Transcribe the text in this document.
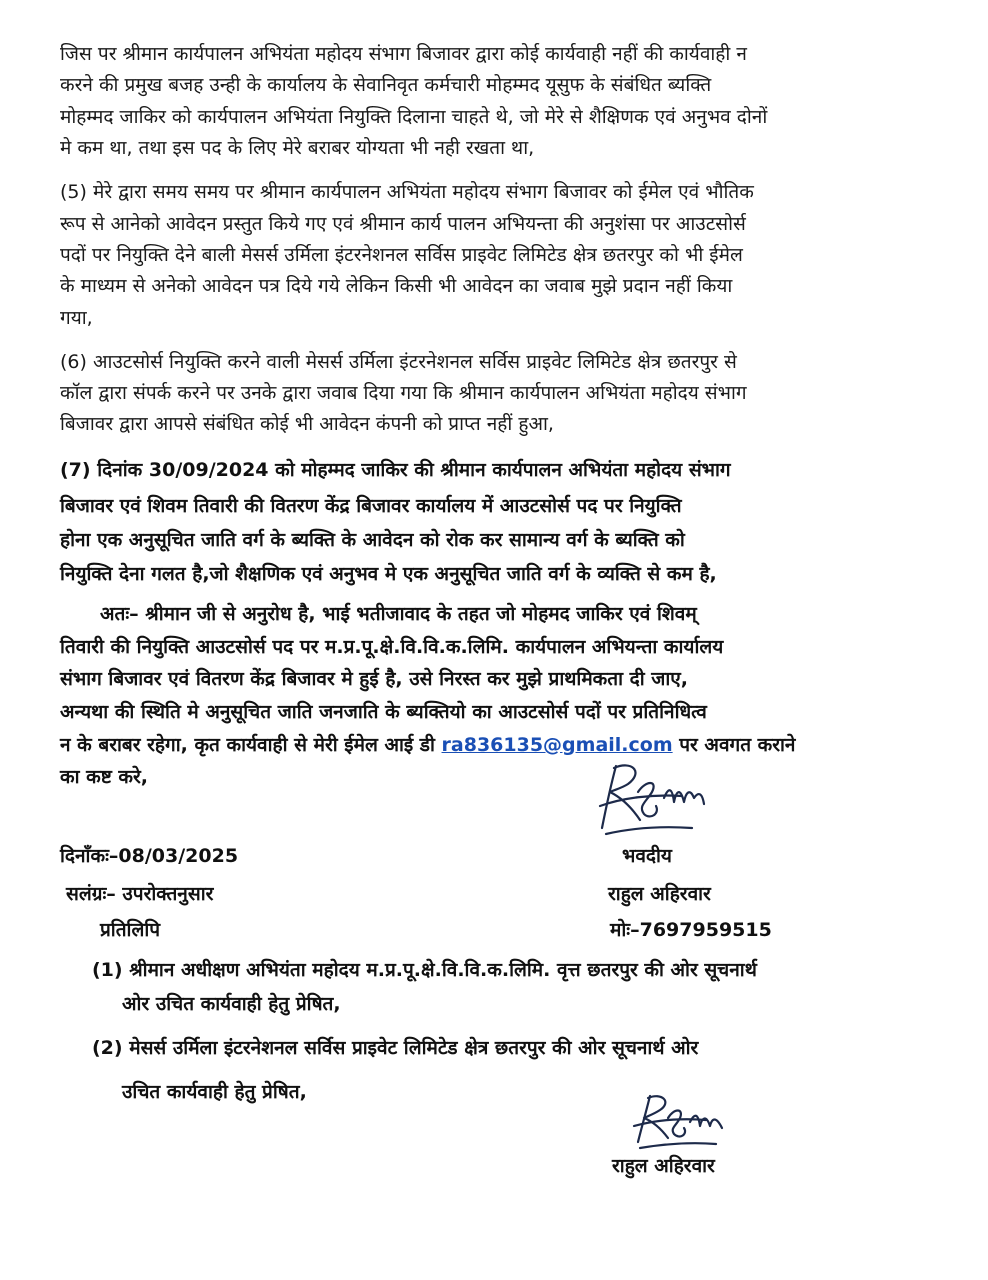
जिस पर श्रीमान कार्यपालन अभियंता महोदय संभाग बिजावर द्वारा कोई कार्यवाही नहीं की कार्यवाही न
करने की प्रमुख बजह उन्ही के कार्यालय के सेवानिवृत कर्मचारी मोहम्मद यूसुफ के संबंधित ब्यक्ति
मोहम्मद जाकिर को कार्यपालन अभियंता नियुक्ति दिलाना चाहते थे, जो मेरे से शैक्षिणक एवं अनुभव दोनों
मे कम था, तथा इस पद के लिए मेरे बराबर योग्यता भी नही रखता था,
(5) मेरे द्वारा समय समय पर श्रीमान कार्यपालन अभियंता महोदय संभाग बिजावर को ईमेल एवं भौतिक
रूप से आनेको आवेदन प्रस्तुत किये गए एवं श्रीमान कार्य पालन अभियन्ता की अनुशंसा पर आउटसोर्स
पदों पर नियुक्ति देने बाली मेसर्स उर्मिला इंटरनेशनल सर्विस प्राइवेट लिमिटेड क्षेत्र छतरपुर को भी ईमेल
के माध्यम से अनेको आवेदन पत्र दिये गये लेकिन किसी भी आवेदन का जवाब मुझे प्रदान नहीं किया
गया,
(6) आउटसोर्स नियुक्ति करने वाली मेसर्स उर्मिला इंटरनेशनल सर्विस प्राइवेट लिमिटेड क्षेत्र छतरपुर से
कॉल द्वारा संपर्क करने पर उनके द्वारा जवाब दिया गया कि श्रीमान कार्यपालन अभियंता महोदय संभाग
बिजावर द्वारा आपसे संबंधित कोई भी आवेदन कंपनी को प्राप्त नहीं हुआ,
(7) दिनांक 30/09/2024 को मोहम्मद जाकिर की श्रीमान कार्यपालन अभियंता महोदय संभाग
बिजावर एवं शिवम तिवारी की वितरण केंद्र बिजावर कार्यालय में आउटसोर्स पद पर नियुक्ति
होना एक अनुसूचित जाति वर्ग के ब्यक्ति के आवेदन को रोक कर सामान्य वर्ग के ब्यक्ति को
नियुक्ति देना गलत है,जो शैक्षणिक एवं अनुभव मे एक अनुसूचित जाति वर्ग के व्यक्ति से कम है,
अतः– श्रीमान जी से अनुरोध है, भाई भतीजावाद के तहत जो मोहमद जाकिर एवं शिवम्
तिवारी की नियुक्ति आउटसोर्स पद पर म.प्र.पू.क्षे.वि.वि.क.लिमि. कार्यपालन अभियन्ता कार्यालय
संभाग बिजावर एवं वितरण केंद्र बिजावर मे हुई है, उसे निरस्त कर मुझे प्राथमिकता दी जाए,
अन्यथा की स्थिति मे अनुसूचित जाति जनजाति के ब्यक्तियो का आउटसोर्स पदों पर प्रतिनिधित्व
न के बराबर रहेगा, कृत कार्यवाही से मेरी ईमेल आई डी ra836135@gmail.com पर अवगत कराने
का कष्ट करे,
दिनाँकः–08/03/2025
सलंग्रः– उपरोक्तनुसार
प्रतिलिपि
भवदीय
राहुल अहिरवार
मोः–7697959515
(1) श्रीमान अधीक्षण अभियंता महोदय म.प्र.पू.क्षे.वि.वि.क.लिमि. वृत्त छतरपुर की ओर सूचनार्थ
ओर उचित कार्यवाही हेतु प्रेषित,
(2) मेसर्स उर्मिला इंटरनेशनल सर्विस प्राइवेट लिमिटेड क्षेत्र छतरपुर की ओर सूचनार्थ ओर
उचित कार्यवाही हेतु प्रेषित,
राहुल अहिरवार
